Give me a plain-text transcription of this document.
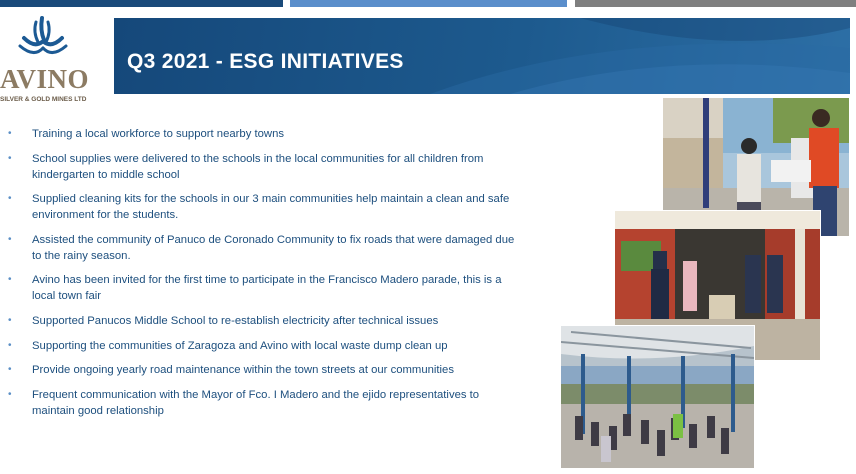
AVINO
SILVER & GOLD MINES LTD
Q3 2021 - ESG INITIATIVES
• Training a local workforce to support nearby towns
• School supplies were delivered to the schools in the local communities for all children from kindergarten to middle school
• Supplied cleaning kits for the schools in our 3 main communities help maintain a clean and safe environment for the students.
• Assisted the community of Panuco de Coronado Community to fix roads that were damaged due to the rainy season.
• Avino has been invited for the first time to participate in the Francisco Madero parade, this is a local town fair
• Supported Panucos Middle School to re-establish electricity after technical issues
• Supporting the communities of Zaragoza and Avino with local waste dump clean up
• Provide ongoing yearly road maintenance within the town streets at our communities
• Frequent communication with the Mayor of Fco. I Madero and the ejido representatives to maintain good relationship
